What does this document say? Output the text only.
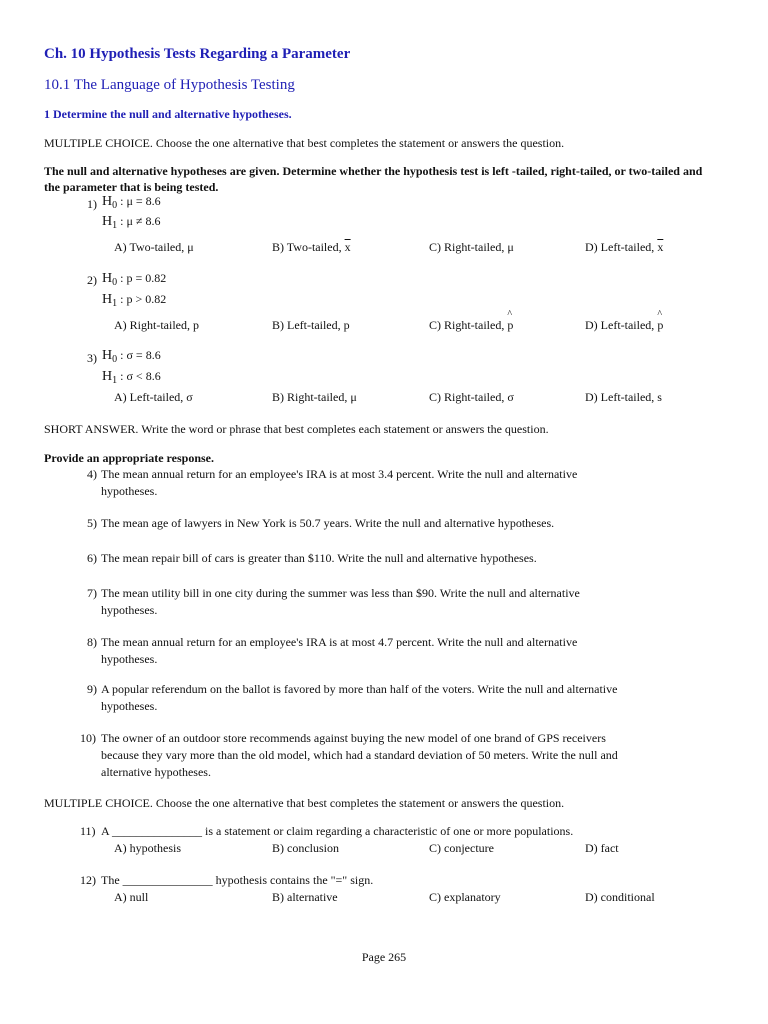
Ch. 10 Hypothesis Tests Regarding a Parameter
10.1 The Language of Hypothesis Testing
1 Determine the null and alternative hypotheses.
MULTIPLE CHOICE. Choose the one alternative that best completes the statement or answers the question.
The null and alternative hypotheses are given. Determine whether the hypothesis test is left -tailed, right-tailed, or two-tailed and the parameter that is being tested.
1) $H_0$ : μ = 8.6
$H_1$ : μ ≠ 8.6
A) Two-tailed, μ	B) Two-tailed, $\overline{x}$	C) Right-tailed, μ	D) Left-tailed, $\overline{x}$
2) $H_0$ : p = 0.82
$H_1$ : p > 0.82
A) Right-tailed, p	B) Left-tailed, p	C) Right-tailed, ^ p	D) Left-tailed, ^ p
3) $H_0$ : σ = 8.6
$H_1$ : σ < 8.6
A) Left-tailed, σ	B) Right-tailed, μ	C) Right-tailed, σ	D) Left-tailed, s
SHORT ANSWER. Write the word or phrase that best completes each statement or answers the question.
Provide an appropriate response.
4) The mean annual return for an employee's IRA is at most 3.4 percent. Write the null and alternative
hypotheses.
5) The mean age of lawyers in New York is 50.7 years. Write the null and alternative hypotheses.
6) The mean repair bill of cars is greater than $110. Write the null and alternative hypotheses.
7) The mean utility bill in one city during the summer was less than $90. Write the null and alternative
hypotheses.
8) The mean annual return for an employee's IRA is at most 4.7 percent. Write the null and alternative
hypotheses.
9) A popular referendum on the ballot is favored by more than half of the voters. Write the null and alternative
hypotheses.
10) The owner of an outdoor store recommends against buying the new model of one brand of GPS receivers
because they vary more than the old model, which had a standard deviation of 50 meters. Write the null and
alternative hypotheses.
MULTIPLE CHOICE. Choose the one alternative that best completes the statement or answers the question.
11) A _______________ is a statement or claim regarding a characteristic of one or more populations.
A) hypothesis	B) conclusion	C) conjecture	D) fact
12) The _______________ hypothesis contains the "=" sign.
A) null	B) alternative	C) explanatory	D) conditional
Page 265
